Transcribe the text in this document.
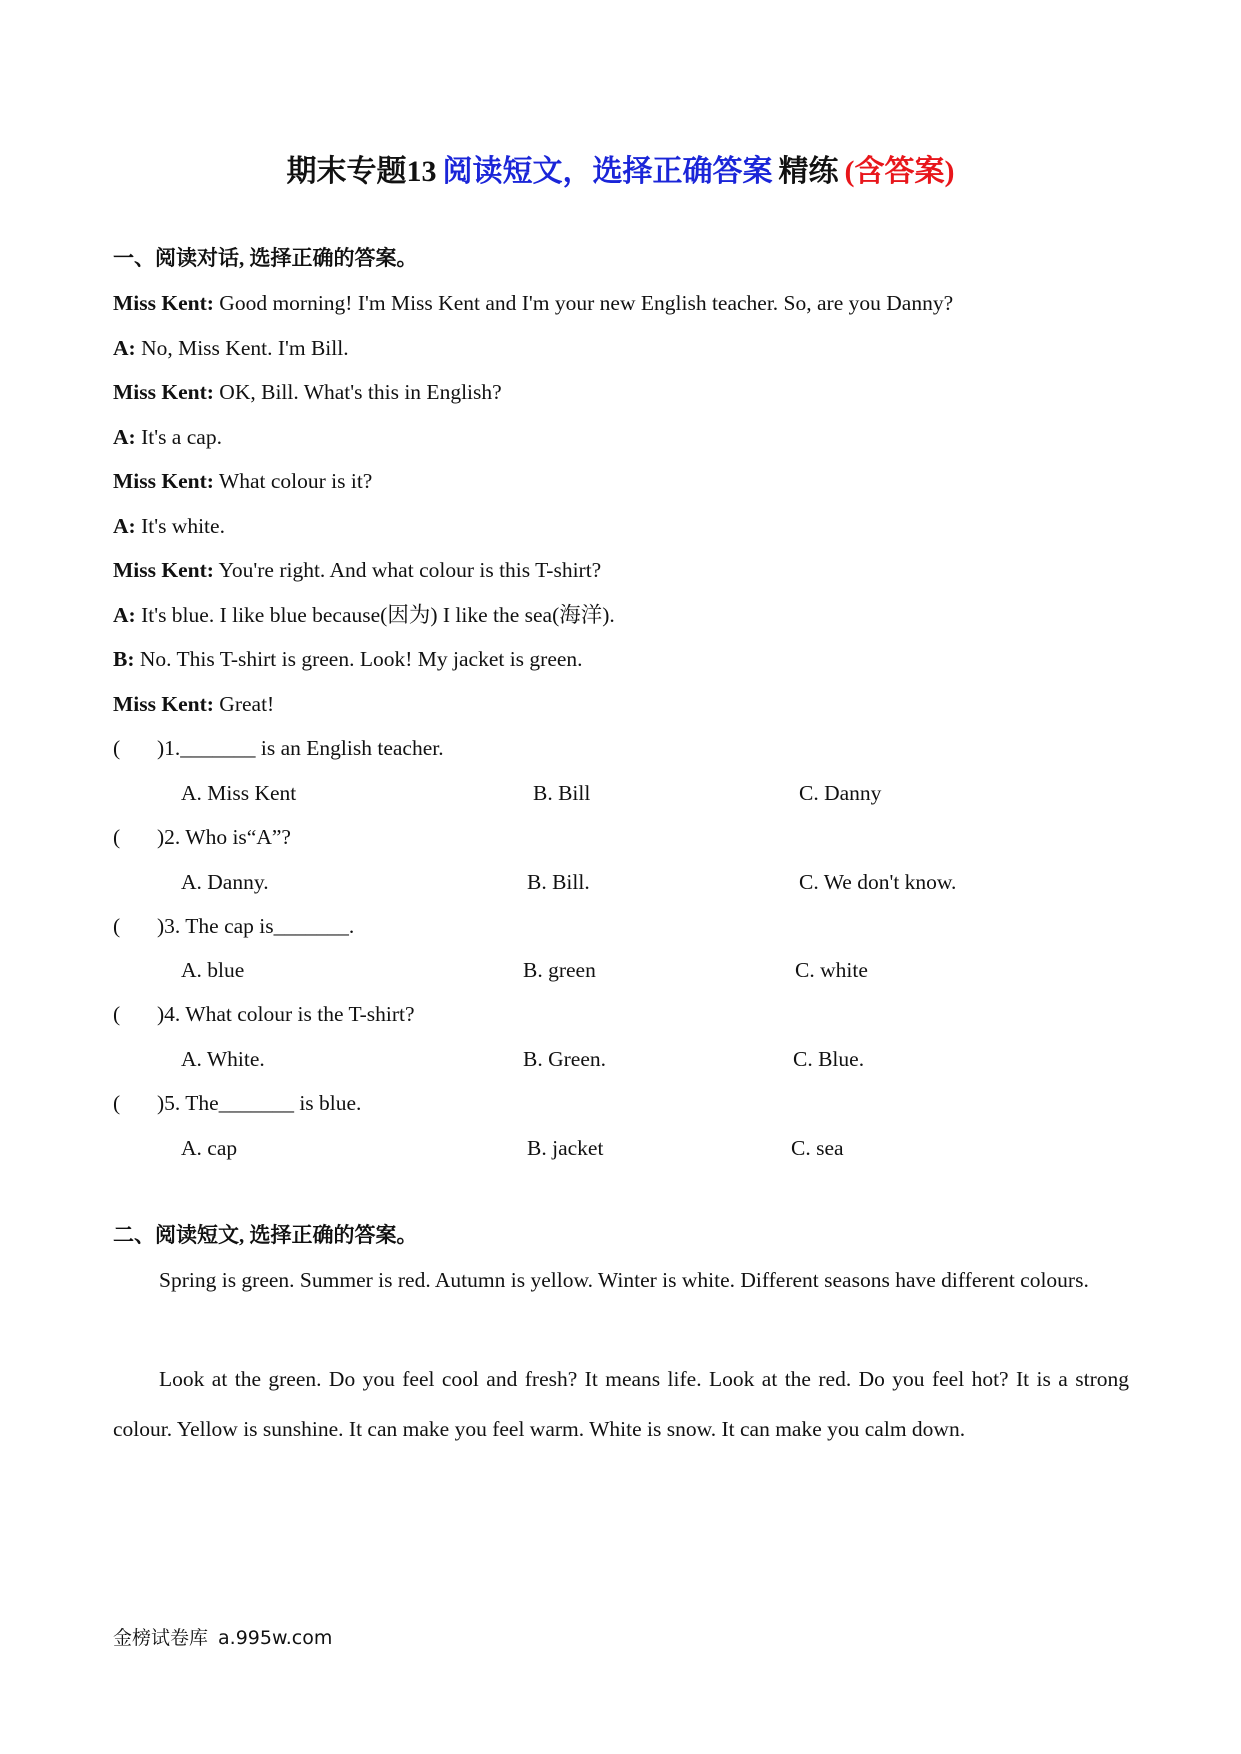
期末专题13 阅读短文，选择正确答案 精练 (含答案)

一、阅读对话, 选择正确的答案。

Miss Kent: Good morning! I'm Miss Kent and I'm your new English teacher. So, are you Danny?

A: No, Miss Kent. I'm Bill.

Miss Kent: OK, Bill. What's this in English?

A: It's a cap.

Miss Kent: What colour is it?

A: It's white.

Miss Kent: You're right. And what colour is this T-shirt?

A: It's blue. I like blue because(因为) I like the sea(海洋).

B: No. This T-shirt is green. Look! My jacket is green.

Miss Kent: Great!

( )1._______ is an English teacher.

A. Miss Kent	B. Bill	C. Danny

( )2. Who is“A”?

A. Danny.	B. Bill.	C. We don't know.

( )3. The cap is_______.

A. blue	B. green	C. white

( )4. What colour is the T-shirt?

A. White.	B. Green.	C. Blue.

( )5. The_______ is blue.

A. cap	B. jacket	C. sea

二、阅读短文, 选择正确的答案。

Spring is green. Summer is red. Autumn is yellow. Winter is white. Different seasons have different colours.

Look at the green. Do you feel cool and fresh? It means life. Look at the red. Do you feel hot? It is a strong colour. Yellow is sunshine. It can make you feel warm. White is snow. It can make you calm down.

金榜试卷库 a.995w.com
